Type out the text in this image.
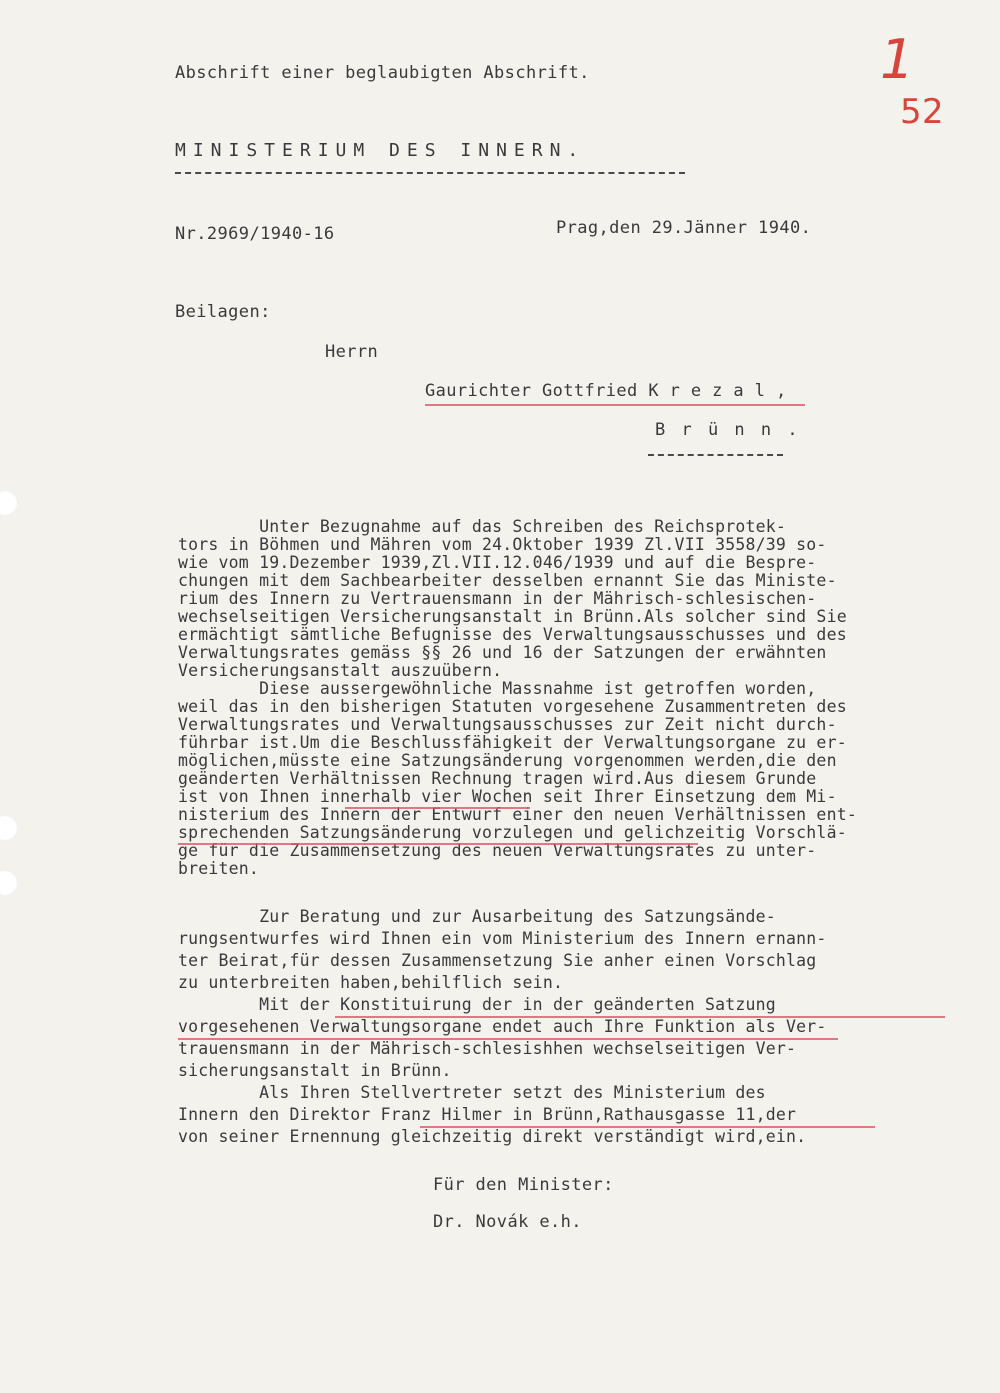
1
52
Abschrift einer beglaubigten Abschrift.
MINISTERIUM DES INNERN.
Nr.2969/1940-16	Prag,den 29.Jänner 1940.
Beilagen:
Herrn
Gaurichter Gottfried K r e z a l ,
B r ü n n .
Unter Bezugnahme auf das Schreiben des Reichsprotek-
tors in Böhmen und Mähren vom 24.Oktober 1939 Zl.VII 3558/39 so-
wie vom 19.Dezember 1939,Zl.VII.12.046/1939 und auf die Bespre-
chungen mit dem Sachbearbeiter desselben ernannt Sie das Ministe-
rium des Innern zu Vertrauensmann in der Mährisch-schlesischen-
wechselseitigen Versicherungsanstalt in Brünn.Als solcher sind Sie
ermächtigt sämtliche Befugnisse des Verwaltungsausschusses und des
Verwaltungsrates gemäss §§ 26 und 16 der Satzungen der erwähnten
Versicherungsanstalt auszuübern.
Diese aussergewöhnliche Massnahme ist getroffen worden,
weil das in den bisherigen Statuten vorgesehene Zusammentreten des
Verwaltungsrates und Verwaltungsausschusses zur Zeit nicht durch-
führbar ist.Um die Beschlussfähigkeit der Verwaltungsorgane zu er-
möglichen,müsste eine Satzungsänderung vorgenommen werden,die den
geänderten Verhältnissen Rechnung tragen wird.Aus diesem Grunde
ist von Ihnen innerhalb vier Wochen seit Ihrer Einsetzung dem Mi-
nisterium des Innern der Entwurf einer den neuen Verhältnissen ent-
sprechenden Satzungsänderung vorzulegen und gelichzeitig Vorschlä-
ge für die Zusammensetzung des neuen Verwaltungsrates zu unter-
breiten.
Zur Beratung und zur Ausarbeitung des Satzungsände-
rungsentwurfes wird Ihnen ein vom Ministerium des Innern ernann-
ter Beirat,für dessen Zusammensetzung Sie anher einen Vorschlag
zu unterbreiten haben,behilflich sein.
Mit der Konstituirung der in der geänderten Satzung
vorgesehenen Verwaltungsorgane endet auch Ihre Funktion als Ver-
trauensmann in der Mährisch-schlesishhen wechselseitigen Ver-
sicherungsanstalt in Brünn.
Als Ihren Stellvertreter setzt des Ministerium des
Innern den Direktor Franz Hilmer in Brünn,Rathausgasse 11,der
von seiner Ernennung gleichzeitig direkt verständigt wird,ein.
Für den Minister:
Dr. Novák e.h.
